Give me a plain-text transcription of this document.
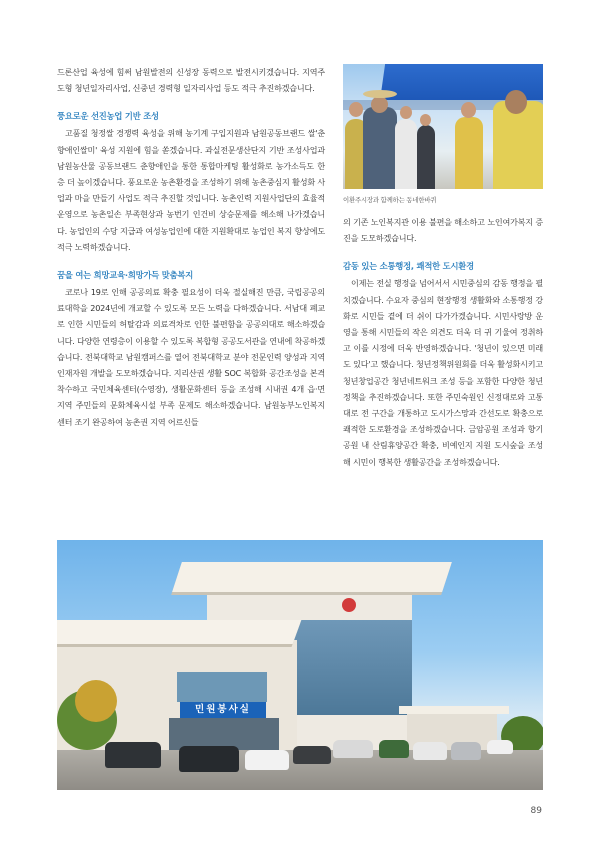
드론산업 육성에 힘써 남원발전의 신성장 동력으로 발전시키겠습니다. 지역주도형 청년일자리사업, 신중년 경력형 일자리사업 등도 적극 추진하겠습니다.

풍요로운 선진농업 기반 조성

고품질 청정쌀 경쟁력 육성을 위해 농기계 구입지원과 남원공동브랜드 쌀'춘향애인쌀미' 육성 지원에 힘을 쏟겠습니다. 과실전문생산단지 기반 조성사업과 남원농산물 공동브랜드 춘향애인을 통한 통합마케팅 활성화로 농가소득도 한층 더 높이겠습니다. 풍요로운 농촌환경을 조성하기 위해 농촌중심지 활성화 사업과 마을 만들기 사업도 적극 추진할 것입니다. 농촌인력 지원사업단의 효율적 운영으로 농촌일손 부족현상과 농번기 인건비 상승문제를 해소해 나가겠습니다. 농업인의 수당 지급과 여성농업인에 대한 지원확대로 농업인 복지 향상에도 적극 노력하겠습니다.

꿈을 여는 희망교육·희망가득 맞춤복지

코로나 19로 인해 공공의료 확충 필요성이 더욱 절실해진 만큼, 국립공공의료대학을 2024년에 개교할 수 있도록 모든 노력을 다하겠습니다. 서남대 폐교로 인한 시민들의 허탈감과 의료격차로 인한 불편함을 공공의대로 해소하겠습니다. 다양한 연령층이 이용할 수 있도록 복합형 공공도서관을 연내에 착공하겠습니다. 전북대학교 남원캠퍼스를 열어 전북대학교 분야 전문인력 양성과 지역 인재자원 개발을 도모하겠습니다. 지리산권 생활 SOC 복합화 공간조성을 본격 착수하고 국민체육센터(수영장), 생활문화센터 등을 조성해 시내권 4개 읍·면 지역 주민들의 문화체육시설 부족 문제도 해소하겠습니다. 남원농부노인복지센터 조기 완공하여 농촌권 지역 어르신들

이환주시장과 함께하는 동네한바퀴

의 기존 노인복지관 이용 불편을 해소하고 노인여가복지 증진을 도모하겠습니다.

감동 있는 소통행정, 쾌적한 도시환경

이제는 전실 행정을 넘어서서 시민중심의 감동 행정을 펼치겠습니다. 수요자 중심의 현장행정 생활화와 소통행정 강화로 시민들 곁에 더 쉬이 다가가겠습니다. 시민사랑방 운영을 통해 시민들의 작은 의견도 더욱 더 귀 기울여 정취하고 이를 시정에 더욱 반영하겠습니다. '청년이 있으면 미래도 있다'고 했습니다. 청년정책위원회를 더욱 활성화시키고 청년창업공간 청년네트워크 조성 등을 포함한 다양한 청년정책을 추진하겠습니다. 또한 주민숙원인 신정대로와 고통대로 전 구간을 개통하고 도시가스망과 간선도로 확충으로 쾌적한 도로환경을 조성하겠습니다. 금암공원 조성과 향기공원 내 산림휴양공간 확충, 비예인지 지원 도시숲을 조성해 시민이 행복한 생활공간을 조성하겠습니다.

민원봉사실
89
